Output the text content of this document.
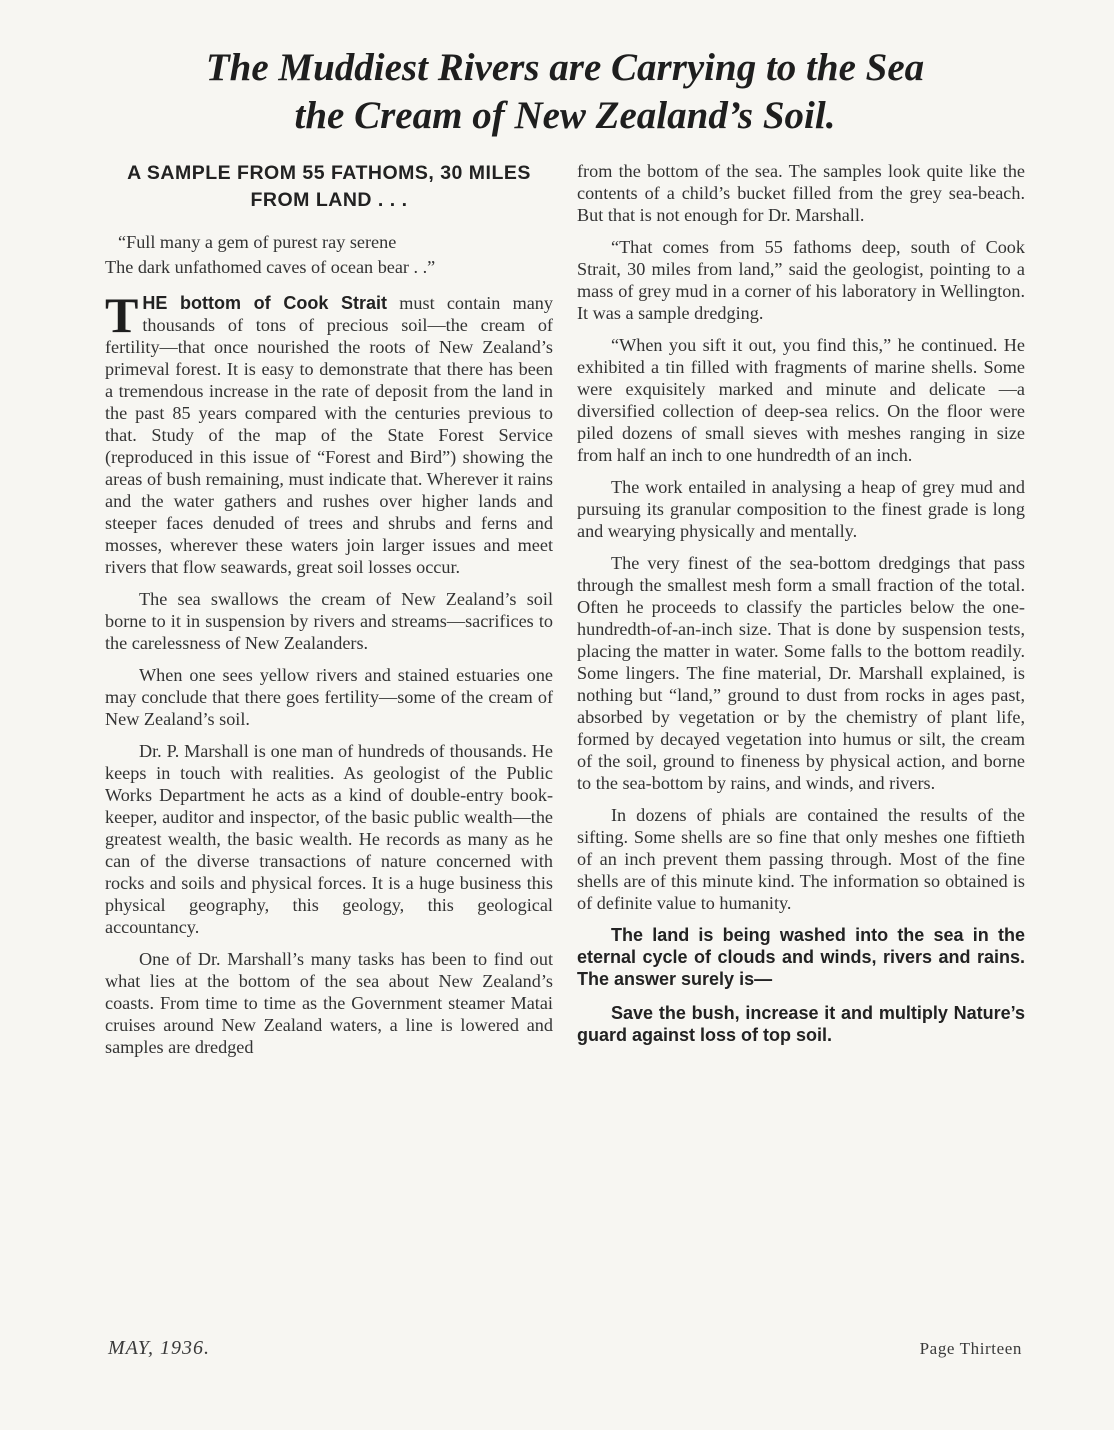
The Muddiest Rivers are Carrying to the Sea
the Cream of New Zealand’s Soil.
A SAMPLE FROM 55 FATHOMS, 30 MILES FROM LAND . . .
“Full many a gem of purest ray serene
The dark unfathomed caves of ocean bear . .”

THE bottom of Cook Strait must contain many thousands of tons of precious soil—the cream of fertility—that once nourished the roots of New Zealand’s primeval forest. It is easy to demonstrate that there has been a tremendous increase in the rate of deposit from the land in the past 85 years compared with the centuries previous to that. Study of the map of the State Forest Service (reproduced in this issue of “Forest and Bird”) showing the areas of bush remaining, must indicate that. Wherever it rains and the water gathers and rushes over higher lands and steeper faces denuded of trees and shrubs and ferns and mosses, wherever these waters join larger issues and meet rivers that flow seawards, great soil losses occur.

The sea swallows the cream of New Zealand’s soil borne to it in suspension by rivers and streams—sacrifices to the carelessness of New Zealanders.

When one sees yellow rivers and stained estuaries one may conclude that there goes fertility—some of the cream of New Zealand’s soil.

Dr. P. Marshall is one man of hundreds of thousands. He keeps in touch with realities. As geologist of the Public Works Department he acts as a kind of double-entry book-keeper, auditor and inspector, of the basic public wealth—the greatest wealth, the basic wealth. He records as many as he can of the diverse transactions of nature concerned with rocks and soils and physical forces. It is a huge business this physical geography, this geology, this geological accountancy.

One of Dr. Marshall’s many tasks has been to find out what lies at the bottom of the sea about New Zealand’s coasts. From time to time as the Government steamer Matai cruises around New Zealand waters, a line is lowered and samples are dredged

from the bottom of the sea. The samples look quite like the contents of a child’s bucket filled from the grey sea-beach. But that is not enough for Dr. Marshall.

“That comes from 55 fathoms deep, south of Cook Strait, 30 miles from land,” said the geologist, pointing to a mass of grey mud in a corner of his laboratory in Wellington. It was a sample dredging.

“When you sift it out, you find this,” he continued. He exhibited a tin filled with fragments of marine shells. Some were exquisitely marked and minute and delicate —a diversified collection of deep-sea relics. On the floor were piled dozens of small sieves with meshes ranging in size from half an inch to one hundredth of an inch.

The work entailed in analysing a heap of grey mud and pursuing its granular composition to the finest grade is long and wearying physically and mentally.

The very finest of the sea-bottom dredgings that pass through the smallest mesh form a small fraction of the total. Often he proceeds to classify the particles below the one-hundredth-of-an-inch size. That is done by suspension tests, placing the matter in water. Some falls to the bottom readily. Some lingers. The fine material, Dr. Marshall explained, is nothing but “land,” ground to dust from rocks in ages past, absorbed by vegetation or by the chemistry of plant life, formed by decayed vegetation into humus or silt, the cream of the soil, ground to fineness by physical action, and borne to the sea-bottom by rains, and winds, and rivers.

In dozens of phials are contained the results of the sifting. Some shells are so fine that only meshes one fiftieth of an inch prevent them passing through. Most of the fine shells are of this minute kind. The information so obtained is of definite value to humanity.

The land is being washed into the sea in the eternal cycle of clouds and winds, rivers and rains. The answer surely is—

Save the bush, increase it and multiply Nature’s guard against loss of top soil.

MAY, 1936.	Page Thirteen
